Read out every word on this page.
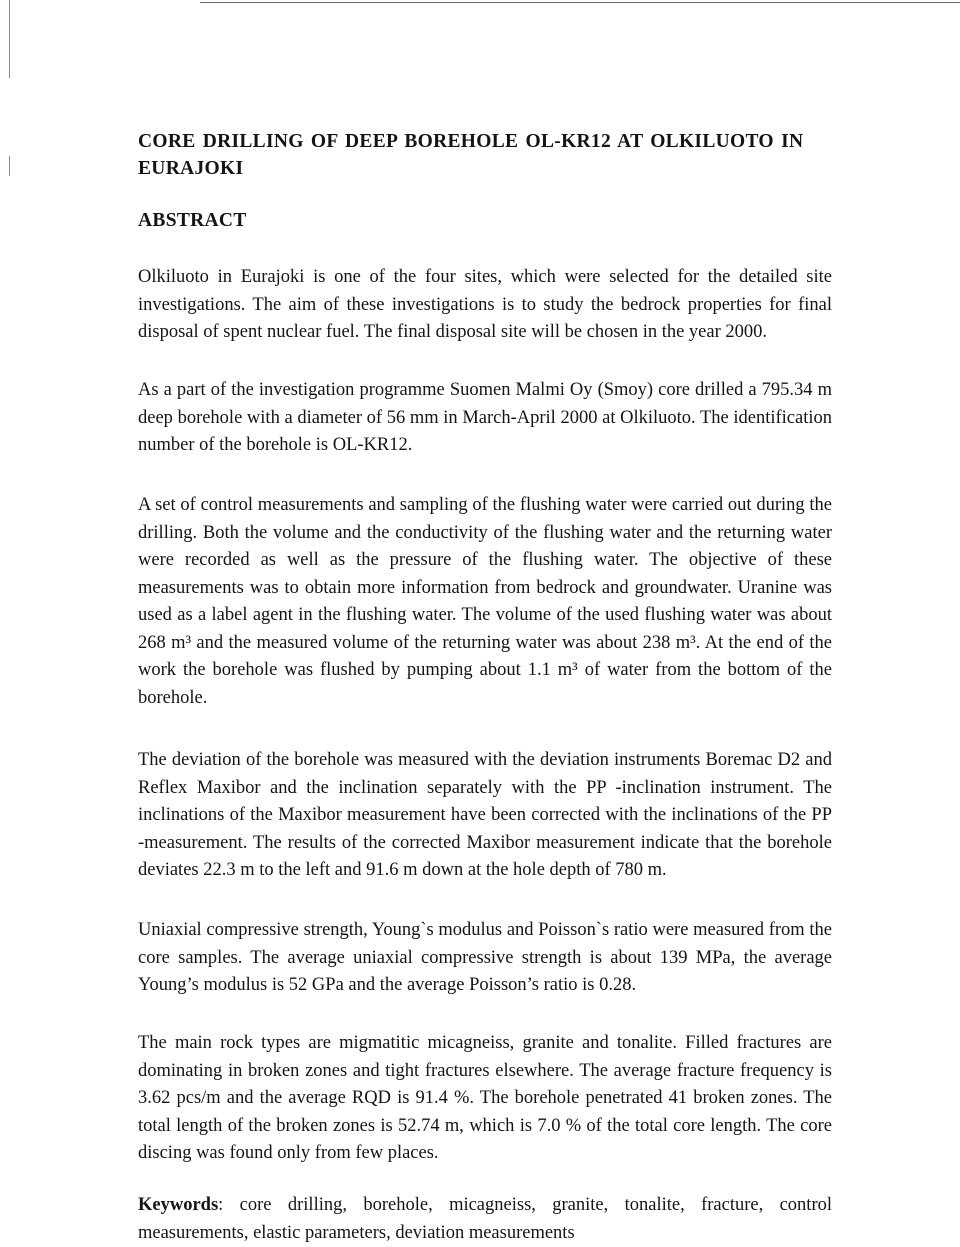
CORE DRILLING OF DEEP BOREHOLE OL-KR12 AT OLKILUOTO IN EURAJOKI
ABSTRACT

Olkiluoto in Eurajoki is one of the four sites, which were selected for the detailed site investigations. The aim of these investigations is to study the bedrock properties for final disposal of spent nuclear fuel. The final disposal site will be chosen in the year 2000.

As a part of the investigation programme Suomen Malmi Oy (Smoy) core drilled a 795.34 m deep borehole with a diameter of 56 mm in March-April 2000 at Olkiluoto. The identification number of the borehole is OL-KR12.

A set of control measurements and sampling of the flushing water were carried out during the drilling. Both the volume and the conductivity of the flushing water and the returning water were recorded as well as the pressure of the flushing water. The objective of these measurements was to obtain more information from bedrock and groundwater. Uranine was used as a label agent in the flushing water. The volume of the used flushing water was about 268 m³ and the measured volume of the returning water was about 238 m³. At the end of the work the borehole was flushed by pumping about 1.1 m³ of water from the bottom of the borehole.

The deviation of the borehole was measured with the deviation instruments Boremac D2 and Reflex Maxibor and the inclination separately with the PP -inclination instrument. The inclinations of the Maxibor measurement have been corrected with the inclinations of the PP -measurement. The results of the corrected Maxibor measurement indicate that the borehole deviates 22.3 m to the left and 91.6 m down at the hole depth of 780 m.

Uniaxial compressive strength, Young`s modulus and Poisson`s ratio were measured from the core samples. The average uniaxial compressive strength is about 139 MPa, the average Young’s modulus is 52 GPa and the average Poisson’s ratio is 0.28.

The main rock types are migmatitic micagneiss, granite and tonalite. Filled fractures are dominating in broken zones and tight fractures elsewhere. The average fracture frequency is 3.62 pcs/m and the average RQD is 91.4 %. The borehole penetrated 41 broken zones. The total length of the broken zones is 52.74 m, which is 7.0 % of the total core length. The core discing was found only from few places.

Keywords: core drilling, borehole, micagneiss, granite, tonalite, fracture, control measurements, elastic parameters, deviation measurements
